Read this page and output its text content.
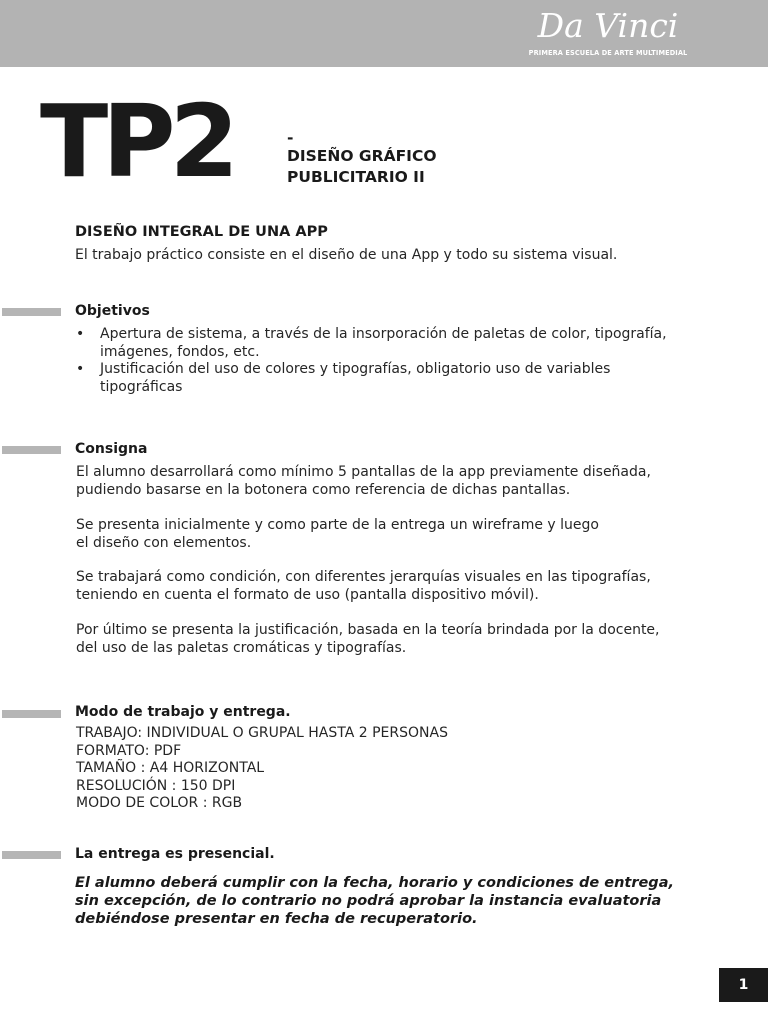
Da Vinci
PRIMERA ESCUELA DE ARTE MULTIMEDIAL
TP2	-
DISEÑO GRÁFICO
PUBLICITARIO II
DISEÑO INTEGRAL DE UNA APP
El trabajo práctico consiste en el diseño de una App y todo su sistema visual.
Objetivos
• Apertura de sistema, a través de la insorporación de paletas de color, tipografía,
imágenes, fondos, etc.
• Justificación del uso de colores y tipografías, obligatorio uso de variables
tipográficas
Consigna

El alumno desarrollará como mínimo 5 pantallas de la app previamente diseñada,

pudiendo basarse en la botonera como referencia de dichas pantallas.

Se presenta inicialmente y como parte de la entrega un wireframe y luego

el diseño con elementos.

Se trabajará como condición, con diferentes jerarquías visuales en las tipografías,

teniendo en cuenta el formato de uso (pantalla dispositivo móvil).

Por último se presenta la justificación, basada en la teoría brindada por la docente,

del uso de las paletas cromáticas y tipografías.

Modo de trabajo y entrega.

TRABAJO: INDIVIDUAL O GRUPAL HASTA 2 PERSONAS

FORMATO: PDF

TAMAÑO : A4 HORIZONTAL

RESOLUCIÓN : 150 DPI

MODO DE COLOR : RGB

La entrega es presencial.

El alumno deberá cumplir con la fecha, horario y condiciones de entrega,

sin excepción, de lo contrario no podrá aprobar la instancia evaluatoria

debiéndose presentar en fecha de recuperatorio.

1
